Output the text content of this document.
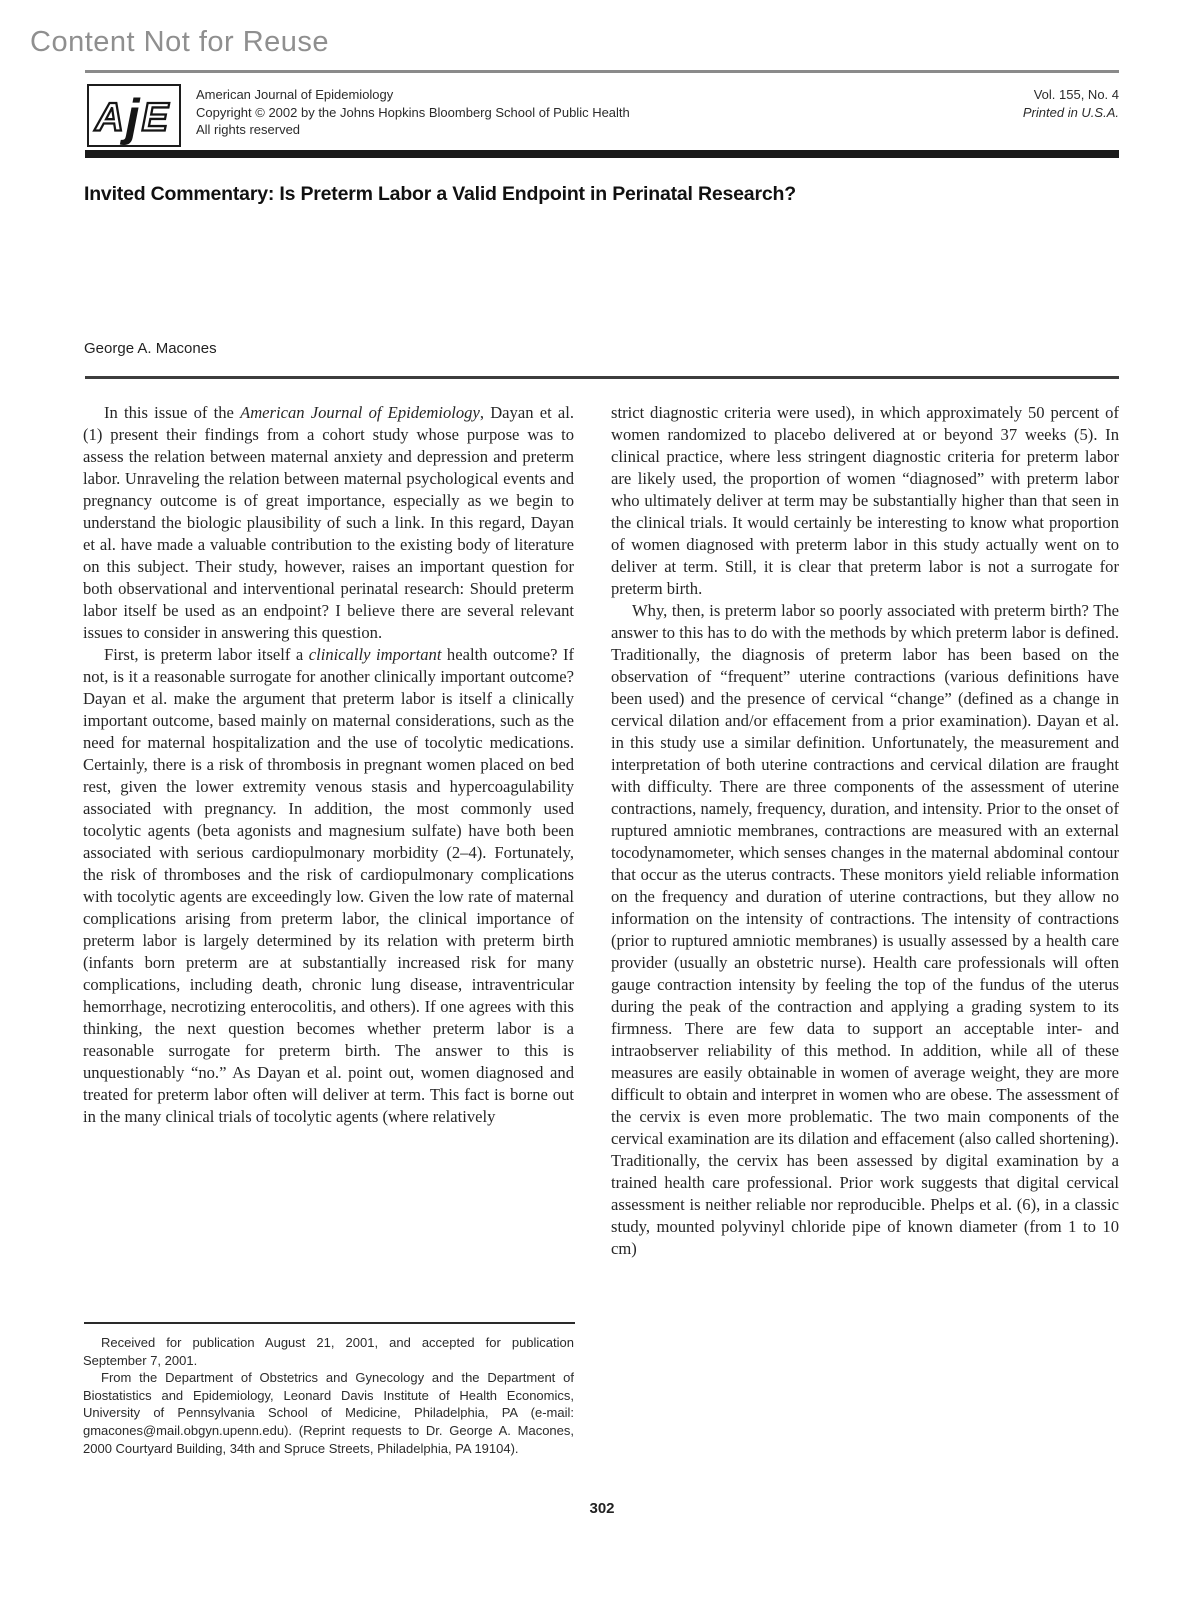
Content Not for Reuse
A j E
American Journal of Epidemiology
Copyright © 2002 by the Johns Hopkins Bloomberg School of Public Health
All rights reserved
Vol. 155, No. 4
Printed in U.S.A.
Invited Commentary: Is Preterm Labor a Valid Endpoint in Perinatal Research?
George A. Macones

In this issue of the American Journal of Epidemiology, Dayan et al. (1) present their findings from a cohort study whose purpose was to assess the relation between maternal anxiety and depression and preterm labor. Unraveling the relation between maternal psychological events and pregnancy outcome is of great importance, especially as we begin to understand the biologic plausibility of such a link. In this regard, Dayan et al. have made a valuable contribution to the existing body of literature on this subject. Their study, however, raises an important question for both observational and interventional perinatal research: Should preterm labor itself be used as an endpoint? I believe there are several relevant issues to consider in answering this question.

First, is preterm labor itself a clinically important health outcome? If not, is it a reasonable surrogate for another clinically important outcome? Dayan et al. make the argument that preterm labor is itself a clinically important outcome, based mainly on maternal considerations, such as the need for maternal hospitalization and the use of tocolytic medications. Certainly, there is a risk of thrombosis in pregnant women placed on bed rest, given the lower extremity venous stasis and hypercoagulability associated with pregnancy. In addition, the most commonly used tocolytic agents (beta agonists and magnesium sulfate) have both been associated with serious cardiopulmonary morbidity (2–4). Fortunately, the risk of thromboses and the risk of cardiopulmonary complications with tocolytic agents are exceedingly low. Given the low rate of maternal complications arising from preterm labor, the clinical importance of preterm labor is largely determined by its relation with preterm birth (infants born preterm are at substantially increased risk for many complications, including death, chronic lung disease, intraventricular hemorrhage, necrotizing enterocolitis, and others). If one agrees with this thinking, the next question becomes whether preterm labor is a reasonable surrogate for preterm birth. The answer to this is unquestionably “no.” As Dayan et al. point out, women diagnosed and treated for preterm labor often will deliver at term. This fact is borne out in the many clinical trials of tocolytic agents (where relatively

strict diagnostic criteria were used), in which approximately 50 percent of women randomized to placebo delivered at or beyond 37 weeks (5). In clinical practice, where less stringent diagnostic criteria for preterm labor are likely used, the proportion of women “diagnosed” with preterm labor who ultimately deliver at term may be substantially higher than that seen in the clinical trials. It would certainly be interesting to know what proportion of women diagnosed with preterm labor in this study actually went on to deliver at term. Still, it is clear that preterm labor is not a surrogate for preterm birth.

Why, then, is preterm labor so poorly associated with preterm birth? The answer to this has to do with the methods by which preterm labor is defined. Traditionally, the diagnosis of preterm labor has been based on the observation of “frequent” uterine contractions (various definitions have been used) and the presence of cervical “change” (defined as a change in cervical dilation and/or effacement from a prior examination). Dayan et al. in this study use a similar definition. Unfortunately, the measurement and interpretation of both uterine contractions and cervical dilation are fraught with difficulty. There are three components of the assessment of uterine contractions, namely, frequency, duration, and intensity. Prior to the onset of ruptured amniotic membranes, contractions are measured with an external tocodynamometer, which senses changes in the maternal abdominal contour that occur as the uterus contracts. These monitors yield reliable information on the frequency and duration of uterine contractions, but they allow no information on the intensity of contractions. The intensity of contractions (prior to ruptured amniotic membranes) is usually assessed by a health care provider (usually an obstetric nurse). Health care professionals will often gauge contraction intensity by feeling the top of the fundus of the uterus during the peak of the contraction and applying a grading system to its firmness. There are few data to support an acceptable inter- and intraobserver reliability of this method. In addition, while all of these measures are easily obtainable in women of average weight, they are more difficult to obtain and interpret in women who are obese. The assessment of the cervix is even more problematic. The two main components of the cervical examination are its dilation and effacement (also called shortening). Traditionally, the cervix has been assessed by digital examination by a trained health care professional. Prior work suggests that digital cervical assessment is neither reliable nor reproducible. Phelps et al. (6), in a classic study, mounted polyvinyl chloride pipe of known diameter (from 1 to 10 cm)

Received for publication August 21, 2001, and accepted for publication September 7, 2001.

From the Department of Obstetrics and Gynecology and the Department of Biostatistics and Epidemiology, Leonard Davis Institute of Health Economics, University of Pennsylvania School of Medicine, Philadelphia, PA (e-mail: gmacones@mail.obgyn.upenn.edu). (Reprint requests to Dr. George A. Macones, 2000 Courtyard Building, 34th and Spruce Streets, Philadelphia, PA 19104).

302
